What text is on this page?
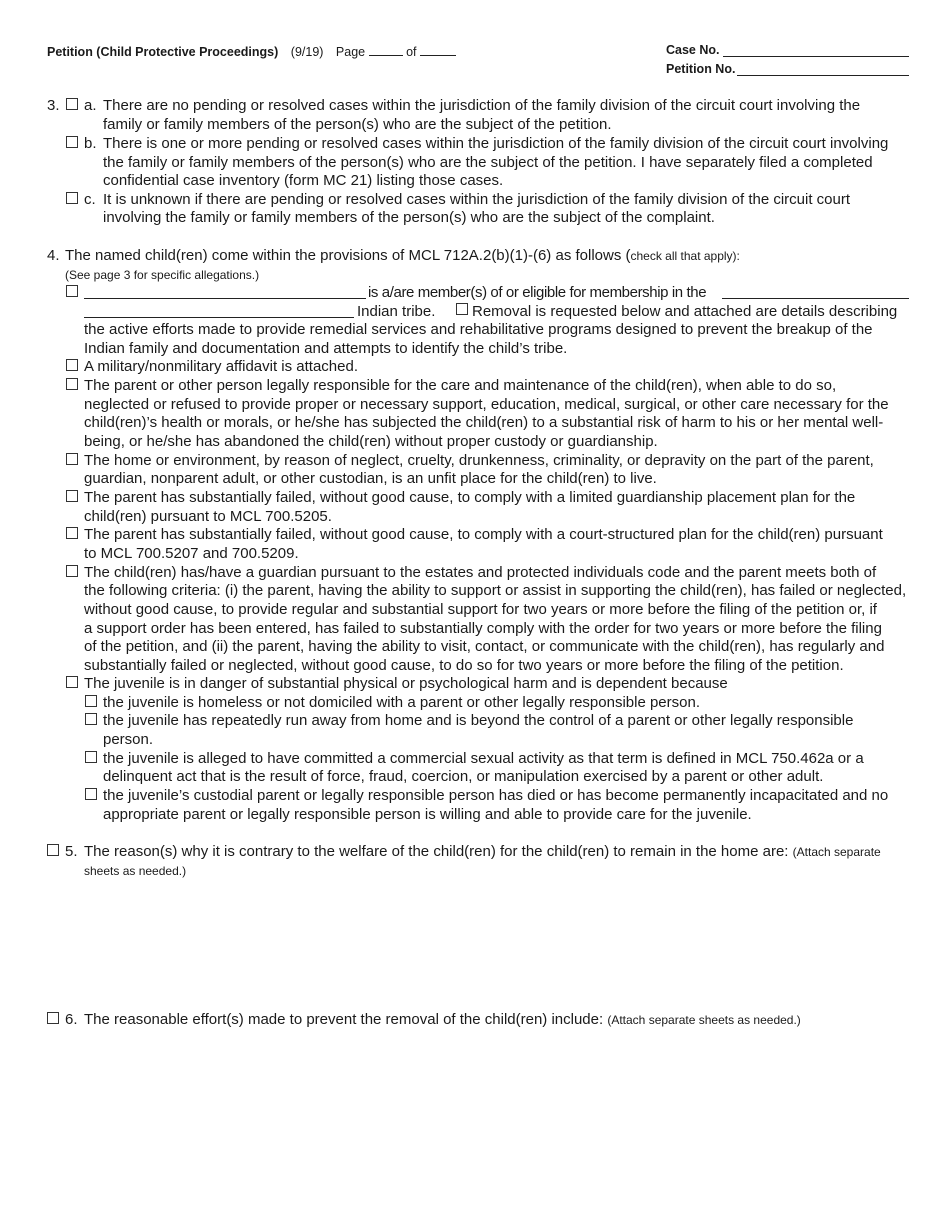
Petition (Child Protective Proceedings) (9/19) Page	of	Case No.
Petition No.
3. a. There are no pending or resolved cases within the jurisdiction of the family division of the circuit court involving the
family or family members of the person(s) who are the subject of the petition.
b. There is one or more pending or resolved cases within the jurisdiction of the family division of the circuit court involving
the family or family members of the person(s) who are the subject of the petition. I have separately filed a completed
confidential case inventory (form MC 21) listing those cases.
c. It is unknown if there are pending or resolved cases within the jurisdiction of the family division of the circuit court
involving the family or family members of the person(s) who are the subject of the complaint.
4. The named child(ren) come within the provisions of MCL 712A.2(b)(1)-(6) as follows (check all that apply):
(See page 3 for specific allegations.)
is a/are member(s) of or eligible for membership in the
Indian tribe. Removal is requested below and attached are details describing
the active efforts made to provide remedial services and rehabilitative programs designed to prevent the breakup of the
Indian family and documentation and attempts to identify the child’s tribe.
A military/nonmilitary affidavit is attached.
The parent or other person legally responsible for the care and maintenance of the child(ren), when able to do so,
neglected or refused to provide proper or necessary support, education, medical, surgical, or other care necessary for the
child(ren)’s health or morals, or he/she has subjected the child(ren) to a substantial risk of harm to his or her mental well-
being, or he/she has abandoned the child(ren) without proper custody or guardianship.
The home or environment, by reason of neglect, cruelty, drunkenness, criminality, or depravity on the part of the parent,
guardian, nonparent adult, or other custodian, is an unfit place for the child(ren) to live.
The parent has substantially failed, without good cause, to comply with a limited guardianship placement plan for the
child(ren) pursuant to MCL 700.5205.
The parent has substantially failed, without good cause, to comply with a court-structured plan for the child(ren) pursuant
to MCL 700.5207 and 700.5209.
The child(ren) has/have a guardian pursuant to the estates and protected individuals code and the parent meets both of
the following criteria: (i) the parent, having the ability to support or assist in supporting the child(ren), has failed or neglected,
without good cause, to provide regular and substantial support for two years or more before the filing of the petition or, if
a support order has been entered, has failed to substantially comply with the order for two years or more before the filing
of the petition, and (ii) the parent, having the ability to visit, contact, or communicate with the child(ren), has regularly and
substantially failed or neglected, without good cause, to do so for two years or more before the filing of the petition.
The juvenile is in danger of substantial physical or psychological harm and is dependent because
the juvenile is homeless or not domiciled with a parent or other legally responsible person.
the juvenile has repeatedly run away from home and is beyond the control of a parent or other legally responsible
person.
the juvenile is alleged to have committed a commercial sexual activity as that term is defined in MCL 750.462a or a
delinquent act that is the result of force, fraud, coercion, or manipulation exercised by a parent or other adult.
the juvenile’s custodial parent or legally responsible person has died or has become permanently incapacitated and no
appropriate parent or legally responsible person is willing and able to provide care for the juvenile.
5. The reason(s) why it is contrary to the welfare of the child(ren) for the child(ren) to remain in the home are: (Attach separate
sheets as needed.)
6. The reasonable effort(s) made to prevent the removal of the child(ren) include: (Attach separate sheets as needed.)
